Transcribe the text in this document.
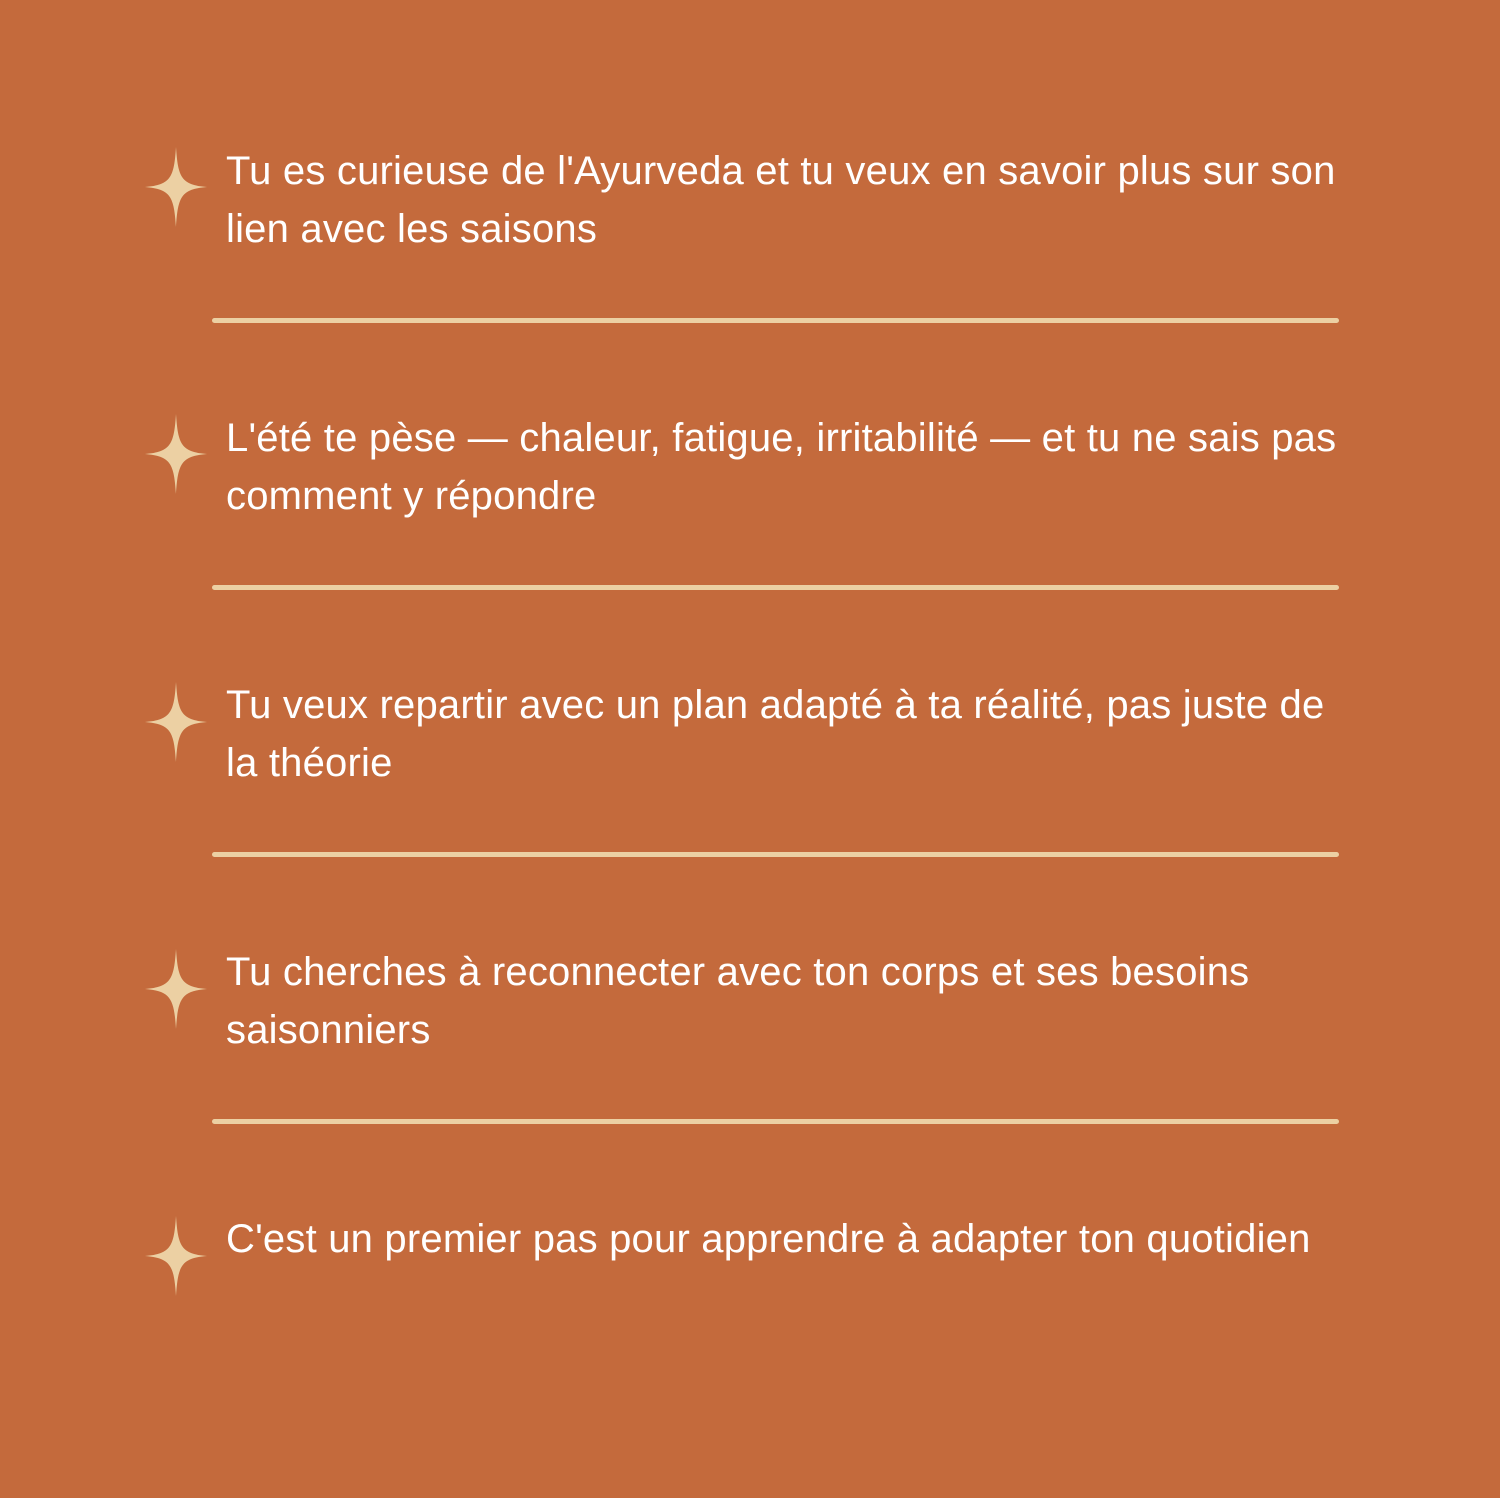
Tu es curieuse de l'Ayurveda et tu veux en savoir plus sur son lien avec les saisons
L'été te pèse — chaleur, fatigue, irritabilité — et tu ne sais pas comment y répondre
Tu veux repartir avec un plan adapté à ta réalité, pas juste de la théorie
Tu cherches à reconnecter avec ton corps et ses besoins saisonniers
C'est un premier pas pour apprendre à adapter ton quotidien
